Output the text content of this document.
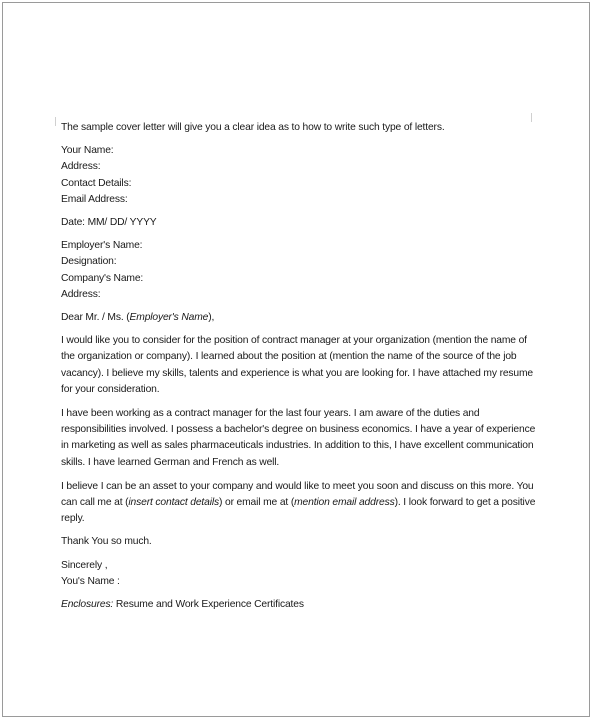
The sample cover letter will give you a clear idea as to how to write such type of letters.

Your Name:

Address:

Contact Details:

Email Address:

Date: MM/ DD/ YYYY

Employer's Name:

Designation:

Company's Name:

Address:

Dear Mr. / Ms. (Employer's Name),

I would like you to consider for the position of contract manager at your organization (mention the name of

the organization or company). I learned about the position at (mention the name of the source of the job

vacancy). I believe my skills, talents and experience is what you are looking for. I have attached my resume

for your consideration.

I have been working as a contract manager for the last four years. I am aware of the duties and

responsibilities involved. I possess a bachelor's degree on business economics. I have a year of experience

in marketing as well as sales pharmaceuticals industries. In addition to this, I have excellent communication

skills. I have learned German and French as well.

I believe I can be an asset to your company and would like to meet you soon and discuss on this more. You

can call me at (insert contact details) or email me at (mention email address). I look forward to get a positive

reply.

Thank You so much.

Sincerely ,

You's Name :

Enclosures: Resume and Work Experience Certificates
